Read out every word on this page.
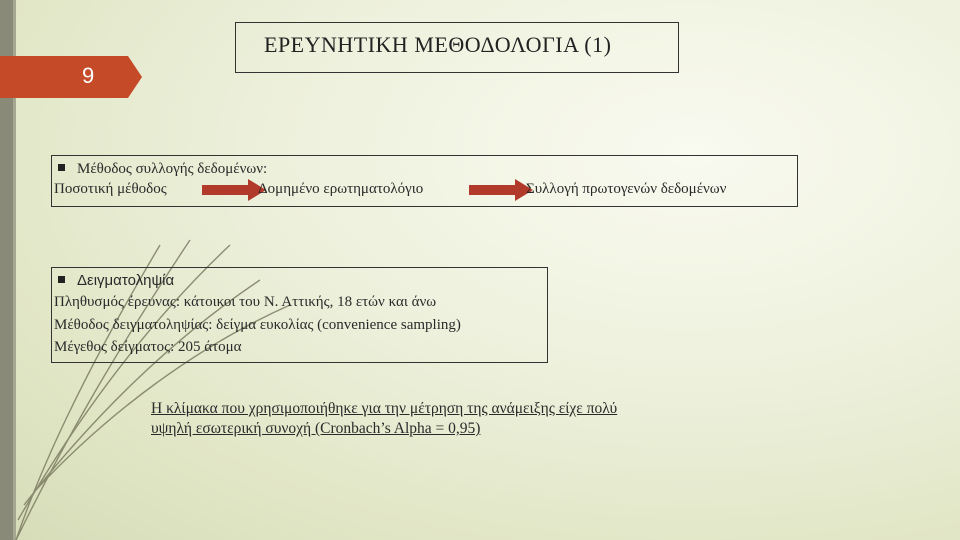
9
ΕΡΕΥΝΗΤΙΚΗ ΜΕΘΟΔΟΛΟΓΙΑ (1)
Μέθοδος συλλογής δεδομένων:
Ποσοτική μέθοδος	Δομημένο ερωτηματολόγιο	Συλλογή πρωτογενών δεδομένων
Δειγματοληψία
Πληθυσμός έρευνας: κάτοικοι του Ν. Αττικής, 18 ετών και άνω
Μέθοδος δειγματοληψίας: δείγμα ευκολίας (convenience sampling)
Μέγεθος δείγματος: 205 άτομα
Η κλίμακα που χρησιμοποιήθηκε για την μέτρηση της ανάμειξης είχε πολύ υψηλή εσωτερική συνοχή (Cronbach’s Alpha = 0,95)
